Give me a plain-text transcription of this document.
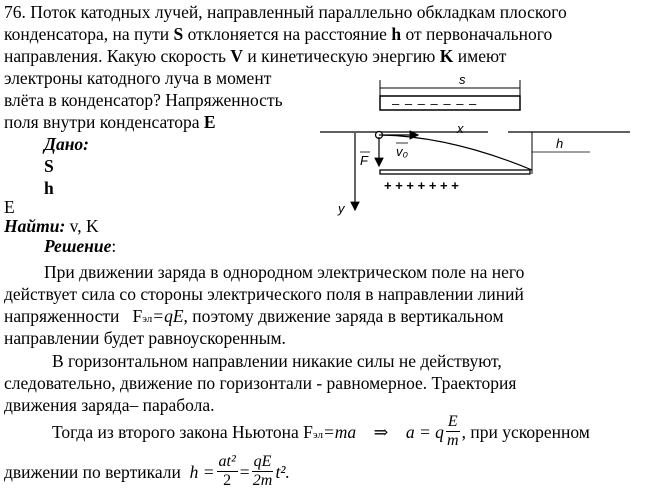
76. Поток катодных лучей, направленный параллельно обкладкам плоского
конденсатора, на пути S отклоняется на расстояние h от первоначального
направления. Какую скорость V и кинетическую энергию K имеют
электроны катодного луча в момент
влёта в конденсатор? Напряженность
поля внутри конденсатора E
Дано:
S
h
E
Найти: v, K
Решение:
При движении заряда в однородном электрическом поле на него
действует сила со стороны электрического поля в направлении линий
напряженности Fэл=qE, поэтому движение заряда в вертикальном
направлении будет равноускоренным.
В горизонтальном направлении никакие силы не действуют,
следовательно, движение по горизонтали - равномерное. Траектория
движения заряда– парабола.
Тогда из второго закона Ньютона Fэл=ma ⇒ a = q $\frac{E}{m}$ , при ускоренном
движении по вертикали $h = \frac{\text{at²}}{2} = \frac{qE}{2m} t^2$.
s
– – – – – – –
x
y
v₀
F
h
+ + + + + + +
